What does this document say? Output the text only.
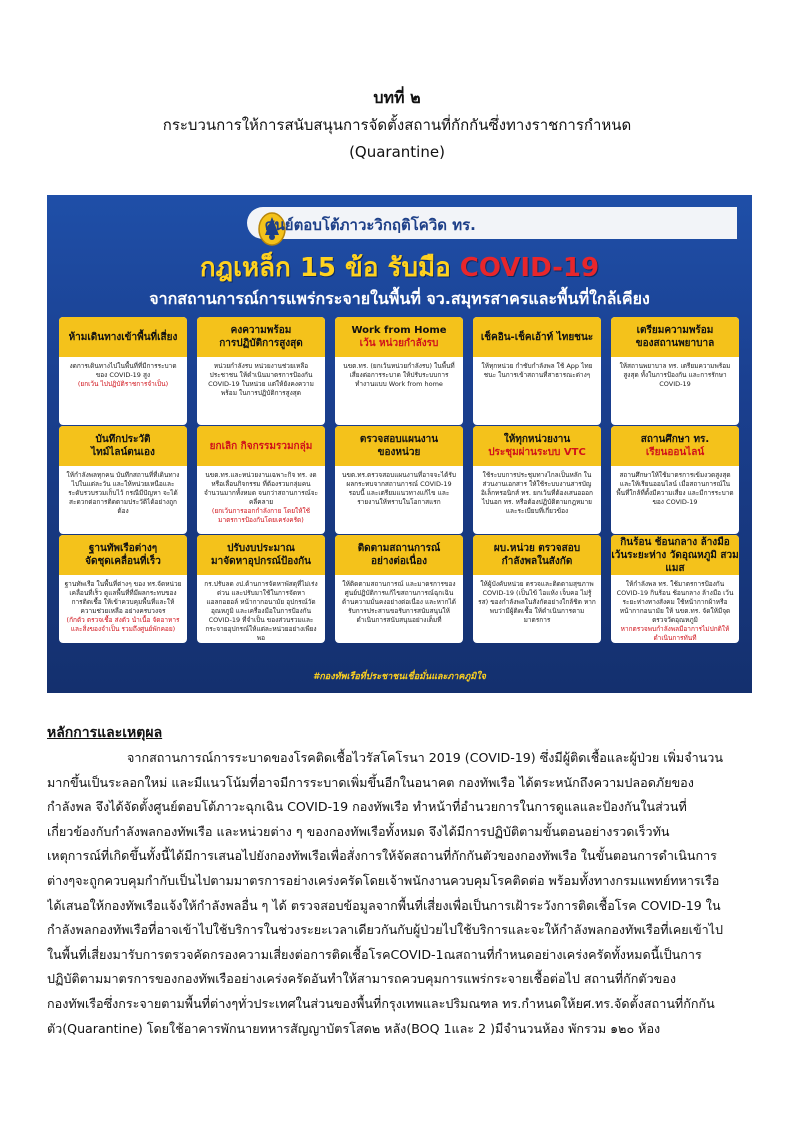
บทที่ ๒
กระบวนการให้การสนับสนุนการจัดตั้งสถานที่กักกันซึ่งทางราชการกำหนด
(Quarantine)
ศูนย์ตอบโต้ภาวะวิกฤติโควิด ทร.
กฎเหล็ก 15 ข้อ รับมือ COVID-19
จากสถานการณ์การแพร่กระจายในพื้นที่ จว.สมุทรสาครและพื้นที่ใกล้เคียง
ห้ามเดินทางเข้าพื้นที่เสี่ยง
งดการเดินทางไปในพื้นที่ที่มีการระบาดของ COVID-19 สูง
(ยกเว้น ไปปฏิบัติราชการจำเป็น)
คงความพร้อม
การปฏิบัติการสูงสุด
หน่วยกำลังรบ หน่วยงานช่วยเหลือประชาชน ให้ดำเนินมาตรการป้องกัน COVID-19 ในหน่วย แต่ให้ยังคงความพร้อม ในการปฏิบัติการสูงสุด
Work from Home
เว้น หน่วยกำลังรบ
นขต.ทร. (ยกเว้นหน่วยกำลังรบ) ในพื้นที่เสี่ยงต่อการระบาด ให้ปรับระบบการทำงานแบบ Work from home
เช็คอิน-เช็คเอ้าท์ ไทยชนะ
ให้ทุกหน่วย กำชับกำลังพล ใช้ App ไทยชนะ ในการเข้าสถานที่สาธารณะต่างๆ
เตรียมความพร้อม
ของสถานพยาบาล
ให้สถานพยาบาล ทร. เตรียมความพร้อมสูงสุด ทั้งในการป้องกัน และการรักษา COVID-19
บันทึกประวัติ
ไทม์ไลน์ตนเอง
ให้กำลังพลทุกคน บันทึกสถานที่ที่เดินทางไปในแต่ละวัน และให้หน่วยเหนือและระดับรวบรวมเก็บไว้ กรณีมีปัญหา จะได้สะดวกต่อการติดตามประวัติได้อย่างถูกต้อง
ยกเลิก กิจกรรมรวมกลุ่ม
นขต.ทร.และหน่วยงานเฉพาะกิจ ทร. งด หรือเลื่อนกิจกรรม ที่ต้องรวมกลุ่มคนจำนวนมากทั้งหมด จนกว่าสถานการณ์จะคลี่คลาย
(ยกเว้นการออกกำลังกาย โดยให้ใช้มาตรการป้องกันโดยเคร่งครัด)
ตรวจสอบแผนงาน
ของหน่วย
นขต.ทร.ตรวจสอบแผนงานที่อาจจะได้รับผลกระทบจากสถานการณ์ COVID-19 รอบนี้ และเตรียมแนวทางแก้ไข และรายงานให้ทราบในโอกาสแรก
ให้ทุกหน่วยงาน
ประชุมผ่านระบบ VTC
ใช้ระบบการประชุมทางไกลเป็นหลัก ในส่วนงานเอกสาร ให้ใช้ระบบงานสารบัญอิเล็กทรอนิกส์ ทร. ยกเว้นที่ต้องเสนอออกไปนอก ทร. หรือต้องปฏิบัติตามกฎหมายและระเบียบที่เกี่ยวข้อง
สถานศึกษา ทร.
เรียนออนไลน์
สถานศึกษาให้ใช้มาตรการเข้มงวดสูงสุด และให้เรียนออนไลน์ เมื่อสถานการณ์ในพื้นที่ใกล้ที่ตั้งมีความเสี่ยง และมีการระบาดของ COVID-19
ฐานทัพเรือต่างๆ
จัดชุดเคลื่อนที่เร็ว
ฐานทัพเรือ ในพื้นที่ต่างๆ ของ ทร.จัดหน่วยเคลื่อนที่เร็ว ดูแลพื้นที่ที่มีผลกระทบของการติดเชื้อ ให้เข้าควบคุมพื้นที่และให้ความช่วยเหลือ อย่างครบวงจร
(กักตัว ตรวจเชื้อ ส่งตัว นำเนื้อ จัดอาหารและสิ่งของจำเป็น รวมถึงศูนย์พักคอย)
ปรับงบประมาณ
มาจัดหาอุปกรณ์ป้องกัน
กร.ปรับลด งป.ด้านการจัดหาพัสดุที่ไม่เร่งด่วน และปรับมาใช้ในการจัดหาแอลกอฮอล์ หน้ากากอนามัย อุปกรณ์วัดอุณหภูมิ และเครื่องมือในการป้องกัน COVID-19 ที่จำเป็น ของส่วนรวมและกระจายอุปกรณ์ให้แต่ละหน่วยอย่างเพียงพอ
ติดตามสถานการณ์
อย่างต่อเนื่อง
ให้ติดตามสถานการณ์ และมาตรการของศูนย์ปฏิบัติการแก้ไขสถานการณ์ฉุกเฉินด้านความมั่นคงอย่างต่อเนื่อง และหากได้รับการประสานขอรับการสนับสนุนให้ดำเนินการสนับสนุนอย่างเต็มที่
ผบ.หน่วย ตรวจสอบ
กำลังพลในสังกัด
ให้ผู้บังคับหน่วย ตรวจและติดตามสุขภาพ COVID-19 (เป็นไข้ ไอแห้ง เจ็บคอ ไม่รู้รส) ของกำลังพลในสังกัดอย่างใกล้ชิด หากพบว่ามีผู้ติดเชื้อ ให้ดำเนินการตามมาตรการ
กินร้อน ช้อนกลาง ล้างมือ
เว้นระยะห่าง วัดอุณหภูมิ สวมแมส
ให้กำลังพล ทร. ใช้มาตรการป้องกัน COVID-19 กินร้อน ช้อนกลาง ล้างมือ เว้นระยะห่างทางสังคม ใช้หน้ากากผ้าหรือหน้ากากอนามัย ให้ นขต.ทร. จัดให้มีจุดตรวจวัดอุณหภูมิ
หากตรวจพบกำลังพลมีอาการไม่ปกติให้ดำเนินการทันที
#กองทัพเรือที่ประชาชนเชื่อมั่นและภาคภูมิใจ
หลักการและเหตุผล
จากสถานการณ์การระบาดของโรคติดเชื้อไวรัสโคโรนา 2019 (COVID-19) ซึ่งมีผู้ติดเชื้อและผู้ป่วย เพิ่มจำนวน
มากขึ้นเป็นระลอกใหม่ และมีแนวโน้มที่อาจมีการระบาดเพิ่มขึ้นอีกในอนาคต กองทัพเรือ ได้ตระหนักถึงความปลอดภัยของ
กำลังพล จึงได้จัดตั้งศูนย์ตอบโต้ภาวะฉุกเฉิน COVID-19 กองทัพเรือ ทำหน้าที่อำนวยการในการดูแลและป้องกันในส่วนที่
เกี่ยวข้องกับกำลังพลกองทัพเรือ และหน่วยต่าง ๆ ของกองทัพเรือทั้งหมด จึงได้มีการปฏิบัติตามขั้นตอนอย่างรวดเร็วทัน
เหตุการณ์ที่เกิดขึ้นทั้งนี้ได้มีการเสนอไปยังกองทัพเรือเพื่อสั่งการให้จัดสถานที่กักกันตัวของกองทัพเรือ ในขั้นตอนการดำเนินการ
ต่างๆจะถูกควบคุมกำกับเป็นไปตามมาตรการอย่างเคร่งครัดโดยเจ้าพนักงานควบคุมโรคติดต่อ พร้อมทั้งทางกรมแพทย์ทหารเรือ
ได้เสนอให้กองทัพเรือแจ้งให้กำลังพลอื่น ๆ ได้ ตรวจสอบข้อมูลจากพื้นที่เสี่ยงเพื่อเป็นการเฝ้าระวังการติดเชื้อโรค COVID-19 ใน
กำลังพลกองทัพเรือที่อาจเข้าไปใช้บริการในช่วงระยะเวลาเดียวกันกับผู้ป่วยไปใช้บริการและจะให้กำลังพลกองทัพเรือที่เคยเข้าไป
ในพื้นที่เสี่ยงมารับการตรวจคัดกรองความเสี่ยงต่อการติดเชื้อโรคCOVID-1ณสถานที่กำหนดอย่างเคร่งครัดทั้งหมดนี้เป็นการ
ปฏิบัติตามมาตรการของกองทัพเรืออย่างเคร่งครัดอันทำให้สามารถควบคุมการแพร่กระจายเชื้อต่อไป สถานที่กักตัวของ
กองทัพเรือซึ่งกระจายตามพื้นที่ต่างๆทั่วประเทศในส่วนของพื้นที่กรุงเทพและปริมณฑล ทร.กำหนดให้ยศ.ทร.จัดตั้งสถานที่กักกัน
ตัว(Quarantine) โดยใช้อาคารพักนายทหารสัญญาบัตรโสด๒ หลัง(BOQ 1และ 2 )มีจำนวนห้อง พักรวม ๑๒๐ ห้อง
